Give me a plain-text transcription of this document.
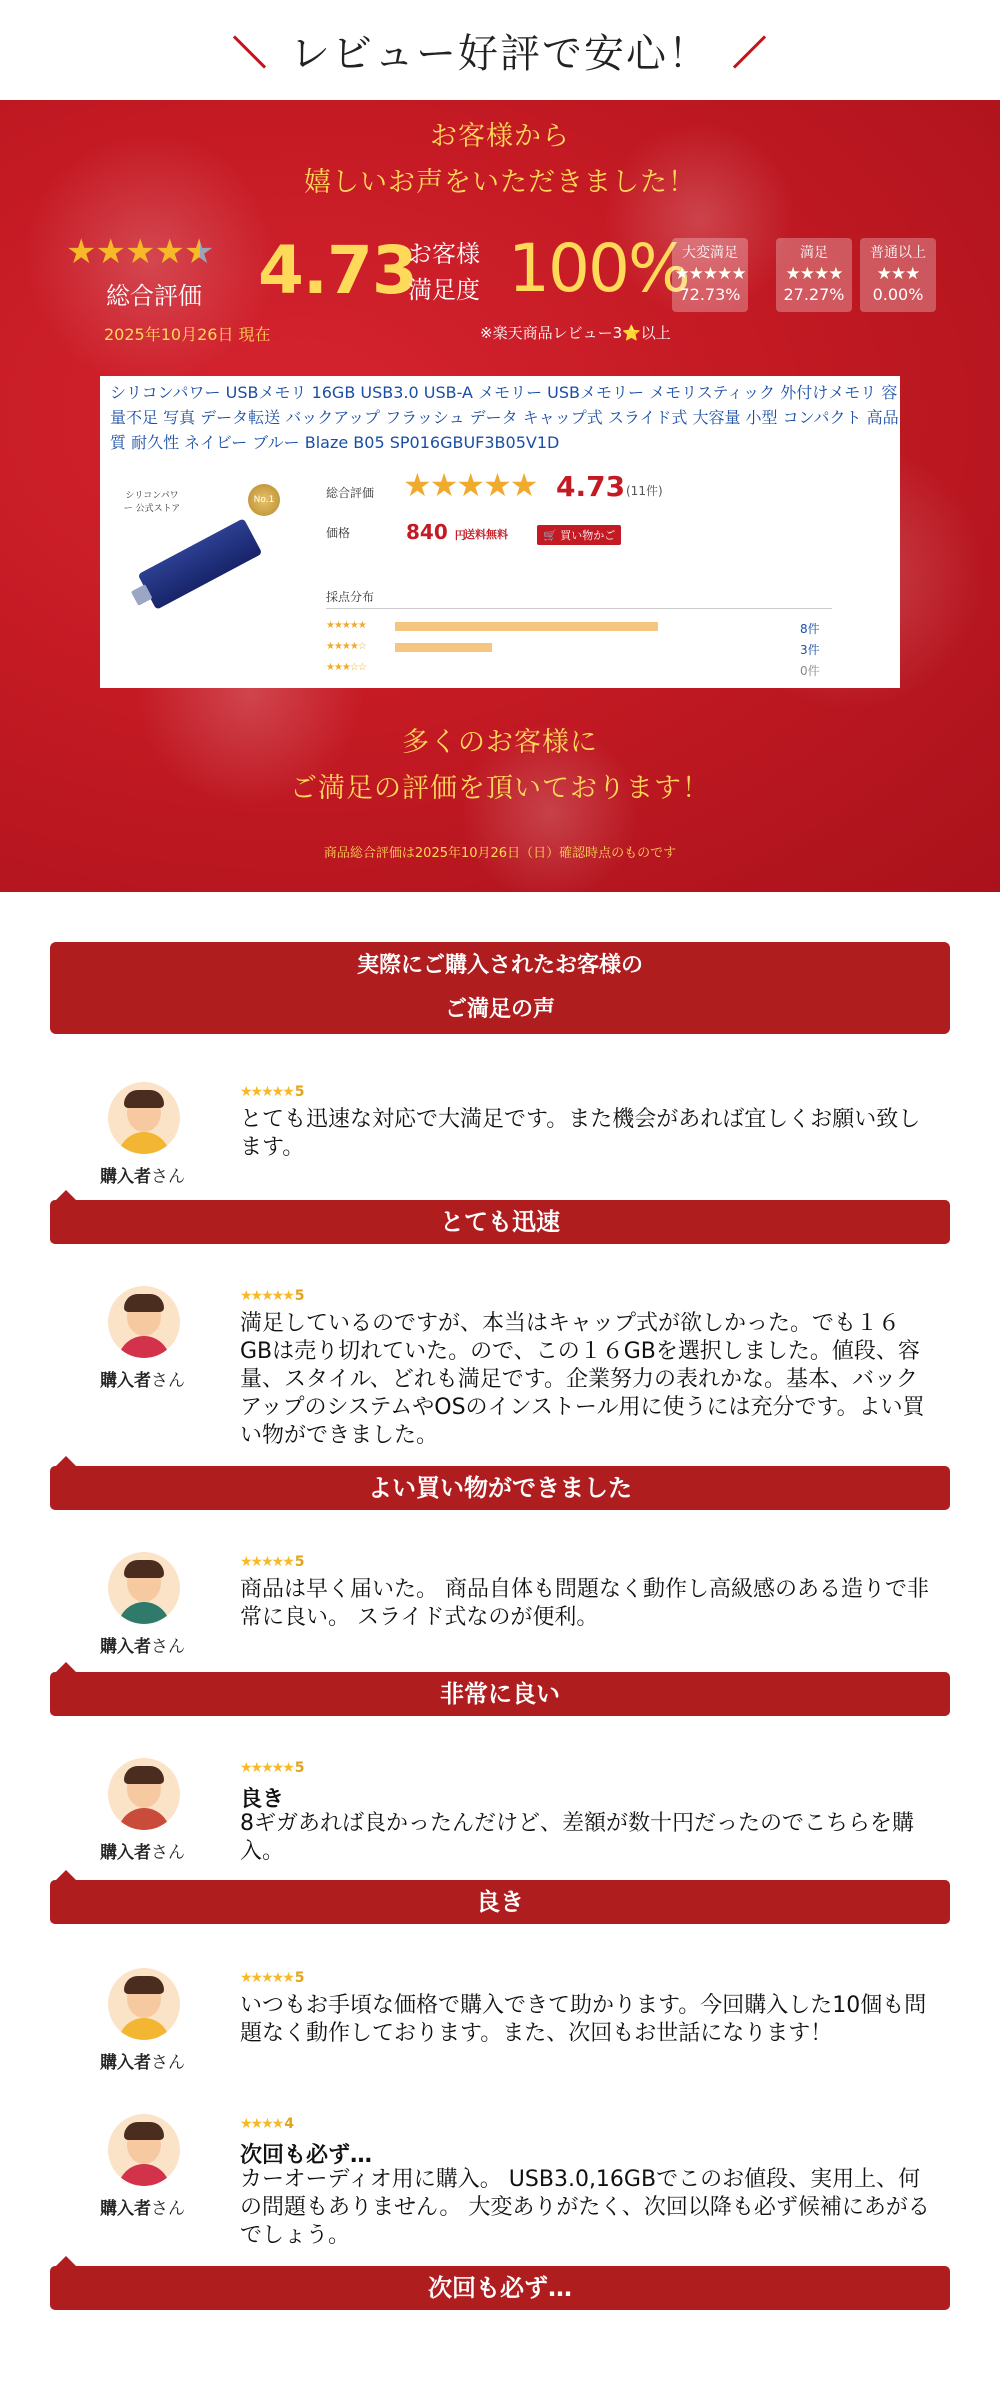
レビュー好評で安心！
お客様から
嬉しいお声をいただきました！
★★★★★
総合評価
2025年10月26日 現在
4.73
お客様
満足度 100%
※楽天商品レビュー3⭐以上
大変満足
★★★★★
72.73%
満足
★★★★
27.27%
普通以上
★★★
0.00%
シリコンパワー USBメモリ 16GB USB3.0 USB-A メモリー USBメモリー メモリスティック 外付けメモリ 容量不足 写真 データ転送 バックアップ フラッシュ データ キャップ式 スライド式 大容量 小型 コンパクト 高品質 耐久性 ネイビー ブルー Blaze B05 SP016GBUF3B05V1D
シリコンパワー 公式ストア
No.1	総合評価 ★★★★★ 4.73 (11件)
価格	840 円
送料無料	🛒 買い物かご
採点分布
★★★★★	8件
★★★★☆	3件
★★★☆☆	0件
多くのお客様に
ご満足の評価を頂いております！
商品総合評価は2025年10月26日（日）確認時点のものです
実際にご購入されたお客様の
ご満足の声
購入者さん
★★★★★ 5
とても迅速な対応で大満足です。また機会があれば宜しくお願い致します。
とても迅速
購入者さん
★★★★★ 5
満足しているのですが、本当はキャップ式が欲しかった。でも１６GBは売り切れていた。ので、この１６GBを選択しました。値段、容量、スタイル、どれも満足です。企業努力の表れかな。基本、バックアップのシステムやOSのインストール用に使うには充分です。よい買い物ができました。
よい買い物ができました
購入者さん
★★★★★ 5
商品は早く届いた。 商品自体も問題なく動作し高級感のある造りで非常に良い。 スライド式なのが便利。
非常に良い
購入者さん
★★★★★ 5
良き
8ギガあれば良かったんだけど、差額が数十円だったのでこちらを購入。
良き
購入者さん
★★★★★ 5
いつもお手頃な価格で購入できて助かります。今回購入した10個も問題なく動作しております。また、次回もお世話になります！
購入者さん
★★★★ 4
次回も必ず…
カーオーディオ用に購入。 USB3.0,16GBでこのお値段、実用上、何の問題もありません。 大変ありがたく、次回以降も必ず候補にあがるでしょう。
次回も必ず…
